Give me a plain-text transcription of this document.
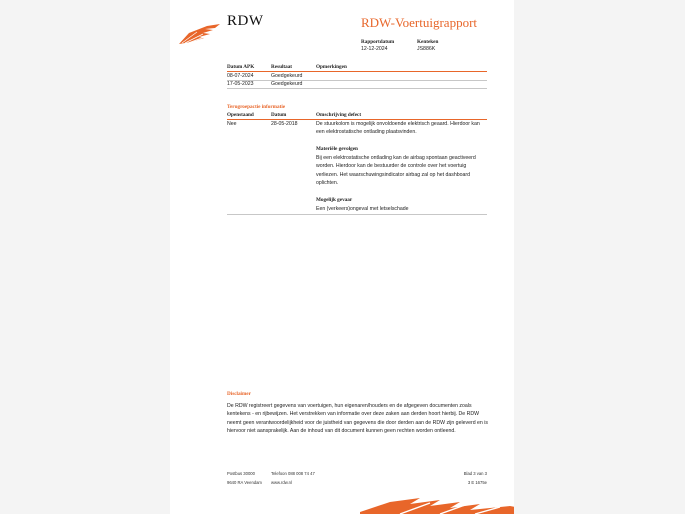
RDW	RDW-Voertuigrapport
Rapportdatum
12-12-2024
Kenteken
JS886K
Datum APK	Resultaat	Opmerkingen
08-07-2024	Goedgekeurd
17-05-2023	Goedgekeurd
Terugroepactie informatie
Openstaand	Datum	Omschrijving defect
Nee	28-05-2018	De stuurkolom is mogelijk onvoldoende elektrisch geaard. Hierdoor kan een elektrostatische ontlading plaatsvinden.
Materiële gevolgen
Bij een elektrostatische ontlading kan de airbag spontaan geactiveerd worden. Hierdoor kan de bestuurder de controle over het voertuig verliezen. Het waarschuwingsindicator airbag zal op het dashboard oplichten.
Mogelijk gevaar
Een (verkeers)ongeval met letselschade
Disclaimer
De RDW registreert gegevens van voertuigen, hun eigenaren/houders en de afgegeven documenten zoals kentekens - en rijbewijzen. Het verstrekken van informatie over deze zaken aan derden hoort hierbij. De RDW neemt geen verantwoordelijkheid voor de juistheid van gegevens die door derden aan de RDW zijn geleverd en is hiervoor niet aansprakelijk. Aan de inhoud van dit document kunnen geen rechten worden ontleend.
Postbus 30000
9640 RA Veendam
Telefoon 088 008 74 47
www.rdw.nl
Blad 3 van 3
3 E 1675e
